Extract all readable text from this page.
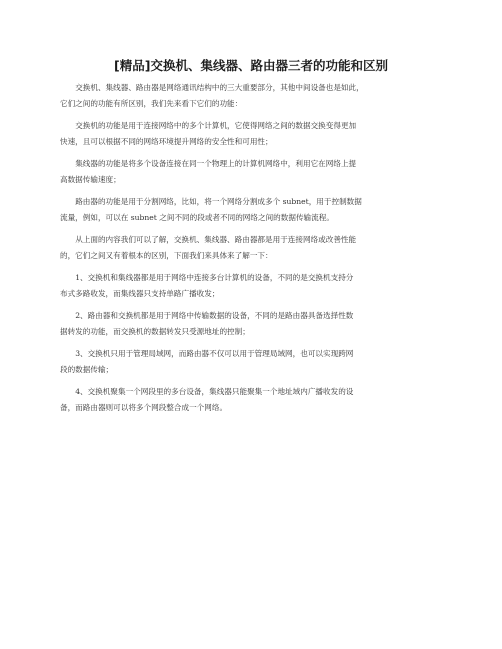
[精品]交换机、集线器、路由器三者的功能和区别

交换机、集线器、路由器是网络通讯结构中的三大重要部分，其他中间设备也是如此，
它们之间的功能有所区别，我们先来看下它们的功能：

交换机的功能是用于连接网络中的多个计算机，它使得网络之间的数据交换变得更加
快速，且可以根据不同的网络环境提升网络的安全性和可用性；

集线器的功能是将多个设备连接在同一个物理上的计算机网络中，利用它在网络上提
高数据传输速度；

路由器的功能是用于分割网络，比如，将一个网络分割成多个 subnet，用于控制数据
流量，例如，可以在 subnet 之间不同的段或者不同的网络之间的数据传输流程。

从上面的内容我们可以了解，交换机、集线器、路由器都是用于连接网络或改善性能
的，它们之间又有着根本的区别，下面我们来具体来了解一下：

1、交换机和集线器都是用于网络中连接多台计算机的设备，不同的是交换机支持分
布式多路收发，而集线器只支持单路广播收发；

2、路由器和交换机都是用于网络中传输数据的设备，不同的是路由器具备选择性数
据转发的功能，而交换机的数据转发只受源地址的控制；

3、交换机只用于管理局域网，而路由器不仅可以用于管理局域网，也可以实现跨网
段的数据传输；

4、交换机聚集一个网段里的多台设备，集线器只能聚集一个地址域内广播收发的设
备，而路由器则可以将多个网段整合成一个网络。
